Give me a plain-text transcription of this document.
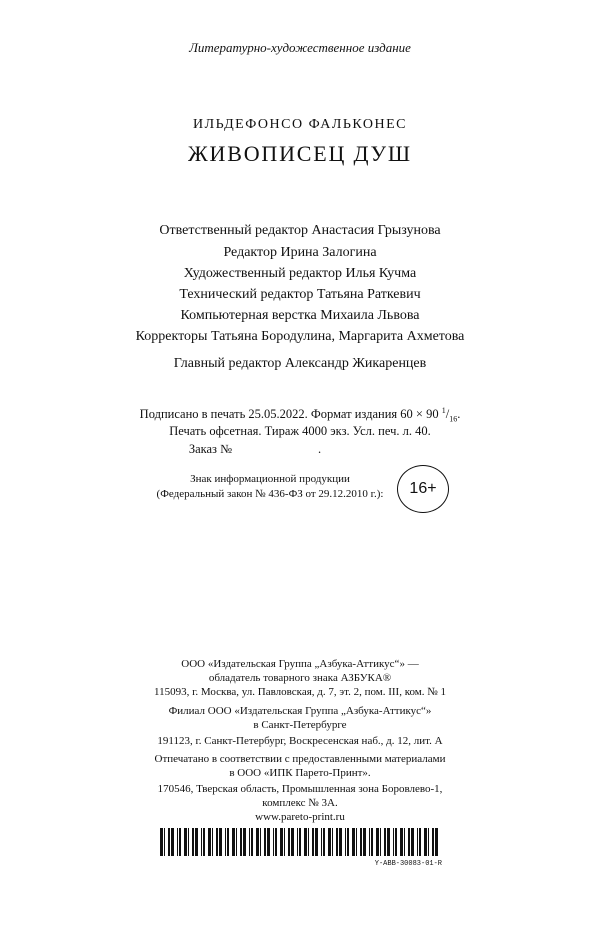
Литературно-художественное издание
ИЛЬДЕФОНСО ФАЛЬКОНЕС
ЖИВОПИСЕЦ ДУШ
Ответственный редактор Анастасия Грызунова
Редактор Ирина Залогина
Художественный редактор Илья Кучма
Технический редактор Татьяна Раткевич
Компьютерная верстка Михаила Львова
Корректоры Татьяна Бородулина, Маргарита Ахметова
Главный редактор Александр Жикаренцев
Подписано в печать 25.05.2022. Формат издания 60 × 90 $^1/_{16}$.
Печать офсетная. Тираж 4000 экз. Усл. печ. л. 40.
Заказ №	.
Знак информационной продукции
(Федеральный закон № 436-ФЗ от 29.12.2010 г.):	16+
ООО «Издательская Группа „Азбука-Аттикус“» —
обладатель товарного знака АЗБУКА®
115093, г. Москва, ул. Павловская, д. 7, эт. 2, пом. III, ком. № 1
Филиал ООО «Издательская Группа „Азбука-Аттикус“»
в Санкт-Петербурге
191123, г. Санкт-Петербург, Воскресенская наб., д. 12, лит. А
Отпечатано в соответствии с предоставленными материалами
в ООО «ИПК Парето-Принт».
170546, Тверская область, Промышленная зона Боровлево-1,
комплекс № 3А.
www.pareto-print.ru
Y-ABB-30083-01-R
